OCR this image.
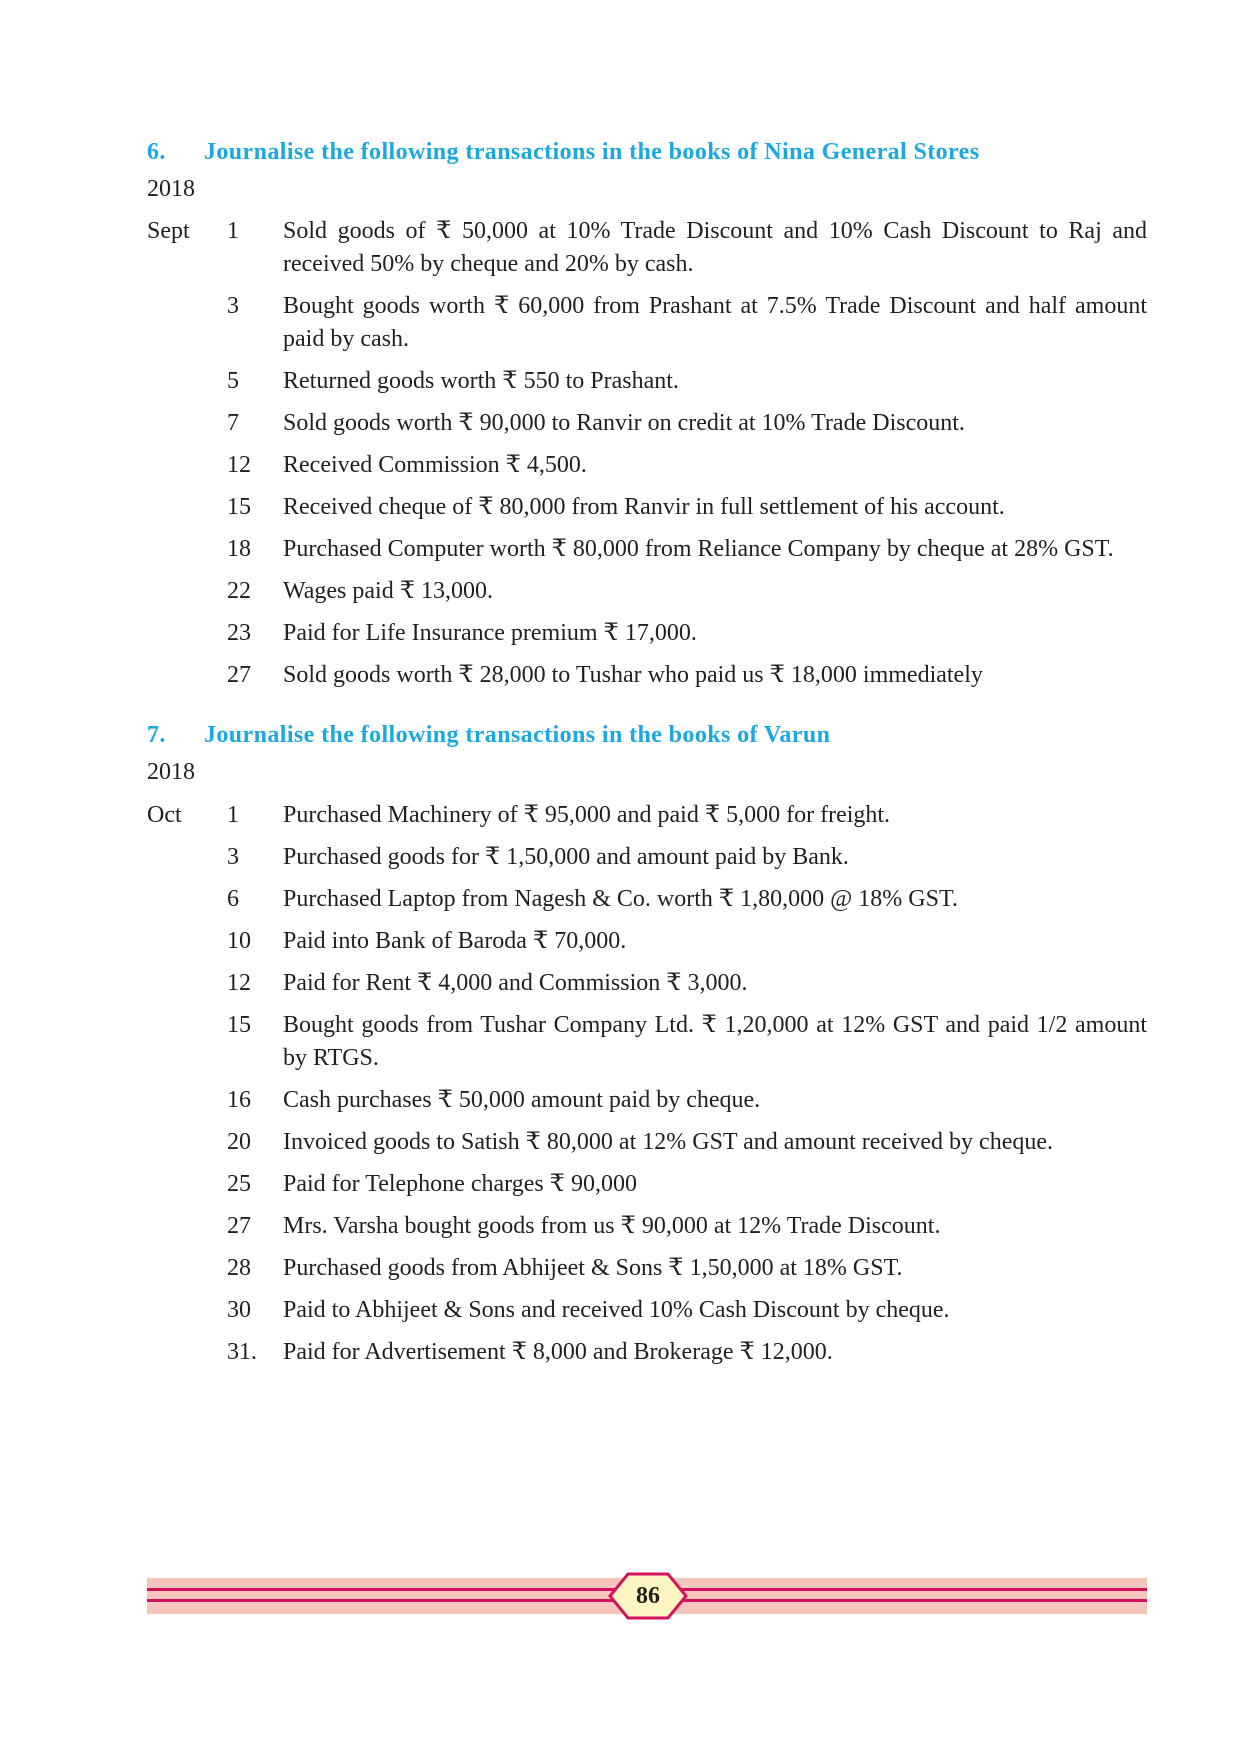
6. Journalise the following transactions in the books of Nina General Stores
2018
Sept 1 Sold goods of ₹ 50,000 at 10% Trade Discount and 10% Cash Discount to Raj and received 50% by cheque and 20% by cash.
3 Bought goods worth ₹ 60,000 from Prashant at 7.5% Trade Discount and half amount paid by cash.
5 Returned goods worth ₹ 550 to Prashant.
7 Sold goods worth ₹ 90,000 to Ranvir on credit at 10% Trade Discount.
12 Received Commission ₹ 4,500.
15 Received cheque of ₹ 80,000 from Ranvir in full settlement of his account.
18 Purchased Computer worth ₹ 80,000 from Reliance Company by cheque at 28% GST.
22 Wages paid ₹ 13,000.
23 Paid for Life Insurance premium ₹ 17,000.
27 Sold goods worth ₹ 28,000 to Tushar who paid us ₹ 18,000 immediately
7. Journalise the following transactions in the books of Varun
2018
Oct 1 Purchased Machinery of ₹ 95,000 and paid ₹ 5,000 for freight.
3 Purchased goods for ₹ 1,50,000 and amount paid by Bank.
6 Purchased Laptop from Nagesh & Co. worth ₹ 1,80,000 @ 18% GST.
10 Paid into Bank of Baroda ₹ 70,000.
12 Paid for Rent ₹ 4,000 and Commission ₹ 3,000.
15 Bought goods from Tushar Company Ltd. ₹ 1,20,000 at 12% GST and paid 1/2 amount by RTGS.
16 Cash purchases ₹ 50,000 amount paid by cheque.
20 Invoiced goods to Satish ₹ 80,000 at 12% GST and amount received by cheque.
25 Paid for Telephone charges ₹ 90,000
27 Mrs. Varsha bought goods from us ₹ 90,000 at 12% Trade Discount.
28 Purchased goods from Abhijeet & Sons ₹ 1,50,000 at 18% GST.
30 Paid to Abhijeet & Sons and received 10% Cash Discount by cheque.
31. Paid for Advertisement ₹ 8,000 and Brokerage ₹ 12,000.
86
